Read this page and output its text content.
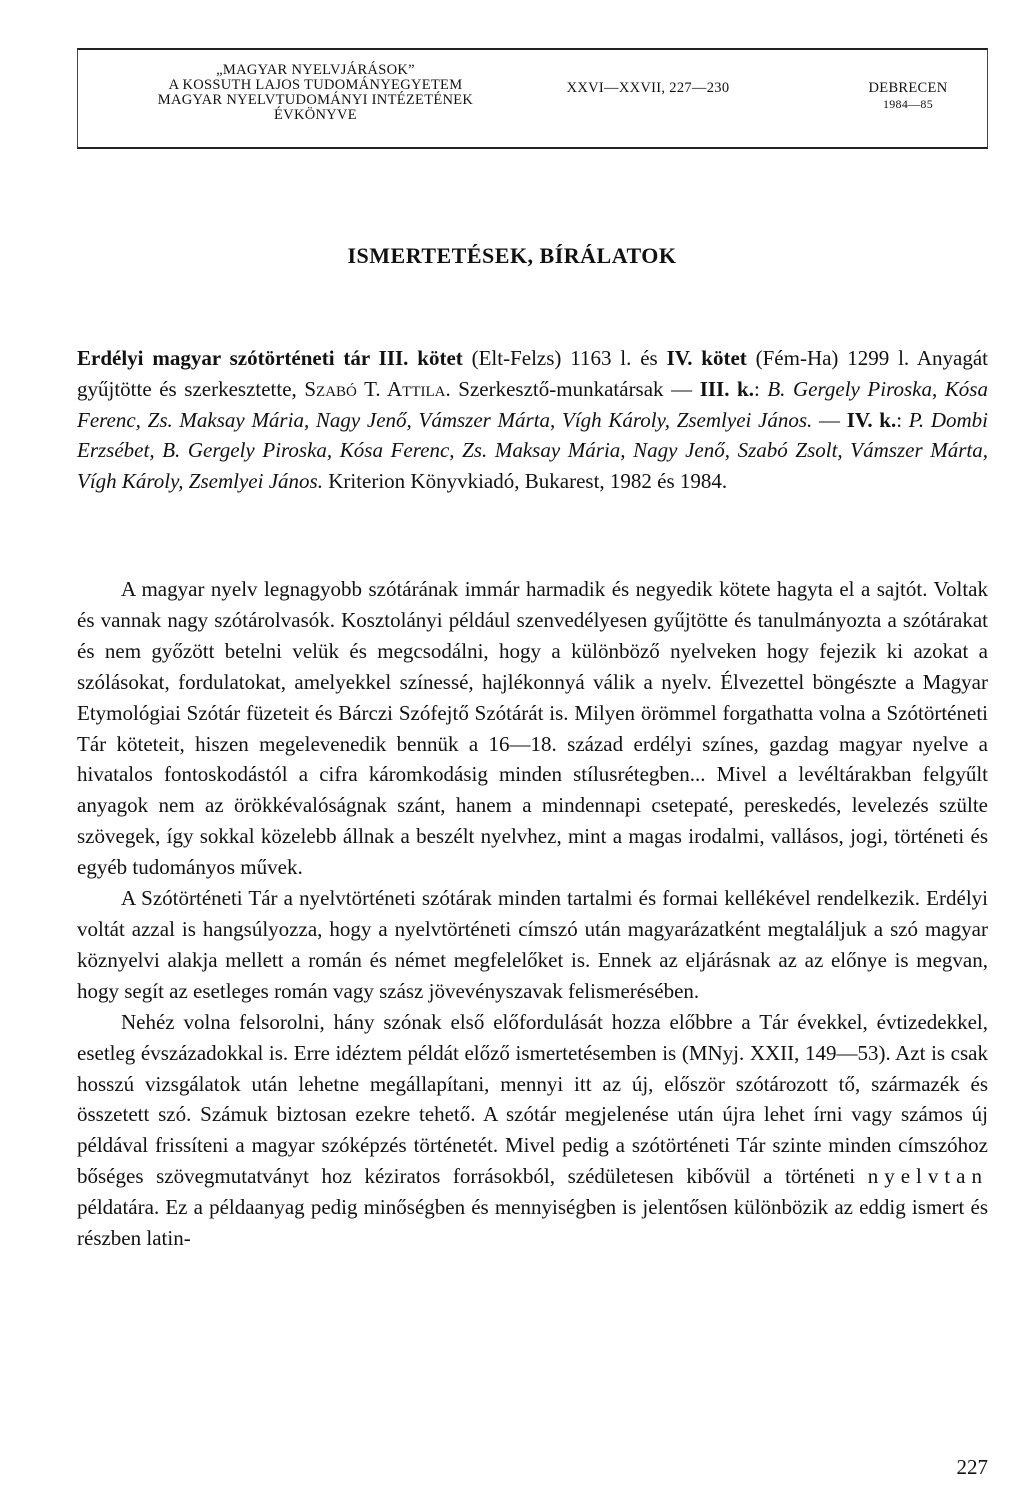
„MAGYAR NYELVJÁRÁSOK”
A KOSSUTH LAJOS TUDOMÁNYEGYETEM
MAGYAR NYELVTUDOMÁNYI INTÉZETÉNEK
ÉVKÖNYVE
XXVI—XXVII, 227—230	DEBRECEN
1984—85
ISMERTETÉSEK, BÍRÁLATOK
Erdélyi magyar szótörténeti tár III. kötet (Elt-Felzs) 1163 l. és IV. kötet (Fém-Ha) 1299 l. Anyagát gyűjtötte és szerkesztette, Szabó T. Attila. Szerkesztő-munkatársak — III. k.: B. Gergely Piroska, Kósa Ferenc, Zs. Maksay Mária, Nagy Jenő, Vámszer Márta, Vígh Károly, Zsemlyei János. — IV. k.: P. Dombi Erzsébet, B. Gergely Piroska, Kósa Ferenc, Zs. Maksay Mária, Nagy Jenő, Szabó Zsolt, Vámszer Márta, Vígh Károly, Zsemlyei János. Kriterion Könyvkiadó, Bukarest, 1982 és 1984.

A magyar nyelv legnagyobb szótárának immár harmadik és negyedik kötete hagyta el a sajtót. Voltak és vannak nagy szótárolvasók. Kosztolányi például szenvedélyesen gyűjtötte és tanulmányozta a szótárakat és nem győzött betelni velük és megcsodálni, hogy a különböző nyelveken hogy fejezik ki azokat a szólásokat, fordulatokat, amelyekkel színessé, hajlékonnyá válik a nyelv. Élvezettel böngészte a Magyar Etymológiai Szótár füzeteit és Bárczi Szófejtő Szótárát is. Milyen örömmel forgathatta volna a Szótörténeti Tár köteteit, hiszen megelevenedik bennük a 16—18. század erdélyi színes, gazdag magyar nyelve a hivatalos fontoskodástól a cifra káromkodásig minden stílusrétegben... Mivel a levéltárakban felgyűlt anyagok nem az örökkévalóságnak szánt, hanem a mindennapi csetepaté, pereskedés, levelezés szülte szövegek, így sokkal közelebb állnak a beszélt nyelvhez, mint a magas irodalmi, vallásos, jogi, történeti és egyéb tudományos művek.

A Szótörténeti Tár a nyelvtörténeti szótárak minden tartalmi és formai kellékével rendelkezik. Erdélyi voltát azzal is hangsúlyozza, hogy a nyelvtörténeti címszó után magyarázatként megtaláljuk a szó magyar köznyelvi alakja mellett a román és német megfelelőket is. Ennek az eljárásnak az az előnye is megvan, hogy segít az esetleges román vagy szász jövevényszavak felismerésében.

Nehéz volna felsorolni, hány szónak első előfordulását hozza előbbre a Tár évekkel, évtizedekkel, esetleg évszázadokkal is. Erre idéztem példát előző ismertetésemben is (MNyj. XXII, 149—53). Azt is csak hosszú vizsgálatok után lehetne megállapítani, mennyi itt az új, először szótározott tő, származék és összetett szó. Számuk biztosan ezekre tehető. A szótár megjelenése után újra lehet írni vagy számos új példával frissíteni a magyar szóképzés történetét. Mivel pedig a szótörténeti Tár szinte minden címszóhoz bőséges szövegmutatványt hoz kéziratos forrásokból, szédületesen kibővül a történeti nyelvtan példatára. Ez a példaanyag pedig minőségben és mennyiségben is jelentősen különbözik az eddig ismert és részben latin-

227
